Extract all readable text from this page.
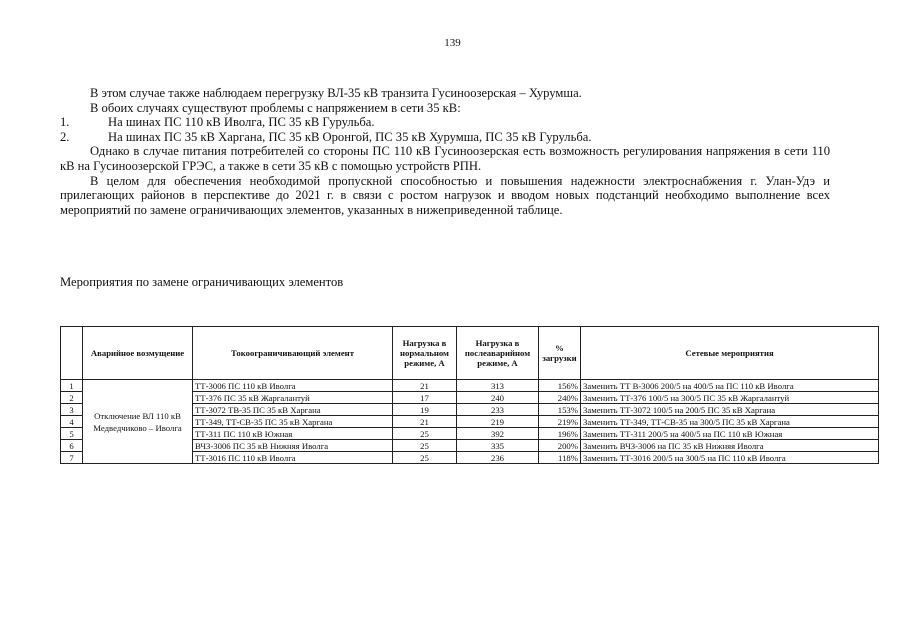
139

В этом случае также наблюдаем перегрузку ВЛ-35 кВ транзита Гусиноозерская – Хурумша.

В обоих случаях существуют проблемы с напряжением в сети 35 кВ:

1.	На шинах ПС 110 кВ Иволга, ПС 35 кВ Гурульба.
2.	На шинах ПС 35 кВ Харгана, ПС 35 кВ Оронгой, ПС 35 кВ Хурумша, ПС 35 кВ Гурульба.

Однако в случае питания потребителей со стороны ПС 110 кВ Гусиноозерская есть возможность регулирования напряжения в сети 110 кВ на Гусиноозерской ГРЭС, а также в сети 35 кВ с помощью устройств РПН.

В целом для обеспечения необходимой пропускной способностью и повышения надежности электроснабжения г. Улан-Удэ и прилегающих районов в перспективе до 2021 г. в связи с ростом нагрузок и вводом новых подстанций необходимо выполнение всех мероприятий по замене ограничивающих элементов, указанных в нижеприведенной таблице.

Мероприятия по замене ограничивающих элементов
	Аварийное возмущение	Токоограничивающий элемент	Нагрузка в нормальном режиме, А	Нагрузка в послеаварийном режиме, А	% загрузки	Сетевые мероприятия
1	Отключение ВЛ 110 кВ Медведчиково – Иволга	ТТ-3006 ПС 110 кВ Иволга	21	313	156%	Заменить ТТ В-3006 200/5 на 400/5 на ПС 110 кВ Иволга
2		ТТ-376 ПС 35 кВ Жаргалантуй	17	240	240%	Заменить ТТ-376 100/5 на 300/5 ПС 35 кВ Жаргалантуй
3		ТТ-3072 ТВ-35 ПС 35 кВ Харгана	19	233	153%	Заменить ТТ-3072 100/5 на 200/5 ПС 35 кВ Харгана
4		ТТ-349, ТТ-СВ-35 ПС 35 кВ Харгана	21	219	219%	Заменить ТТ-349, ТТ-СВ-35 на 300/5 ПС 35 кВ Харгана
5		ТТ-311 ПС 110 кВ Южная	25	392	196%	Заменить ТТ-311 200/5 на 400/5 на ПС 110 кВ Южная
6		ВЧЗ-3006 ПС 35 кВ Нижняя Иволга	25	335	200%	Заменить ВЧЗ-3006 на ПС 35 кВ Нижняя Иволга
7		ТТ-3016 ПС 110 кВ Иволга	25	236	118%	Заменить ТТ-3016 200/5 на 300/5 на ПС 110 кВ Иволга
